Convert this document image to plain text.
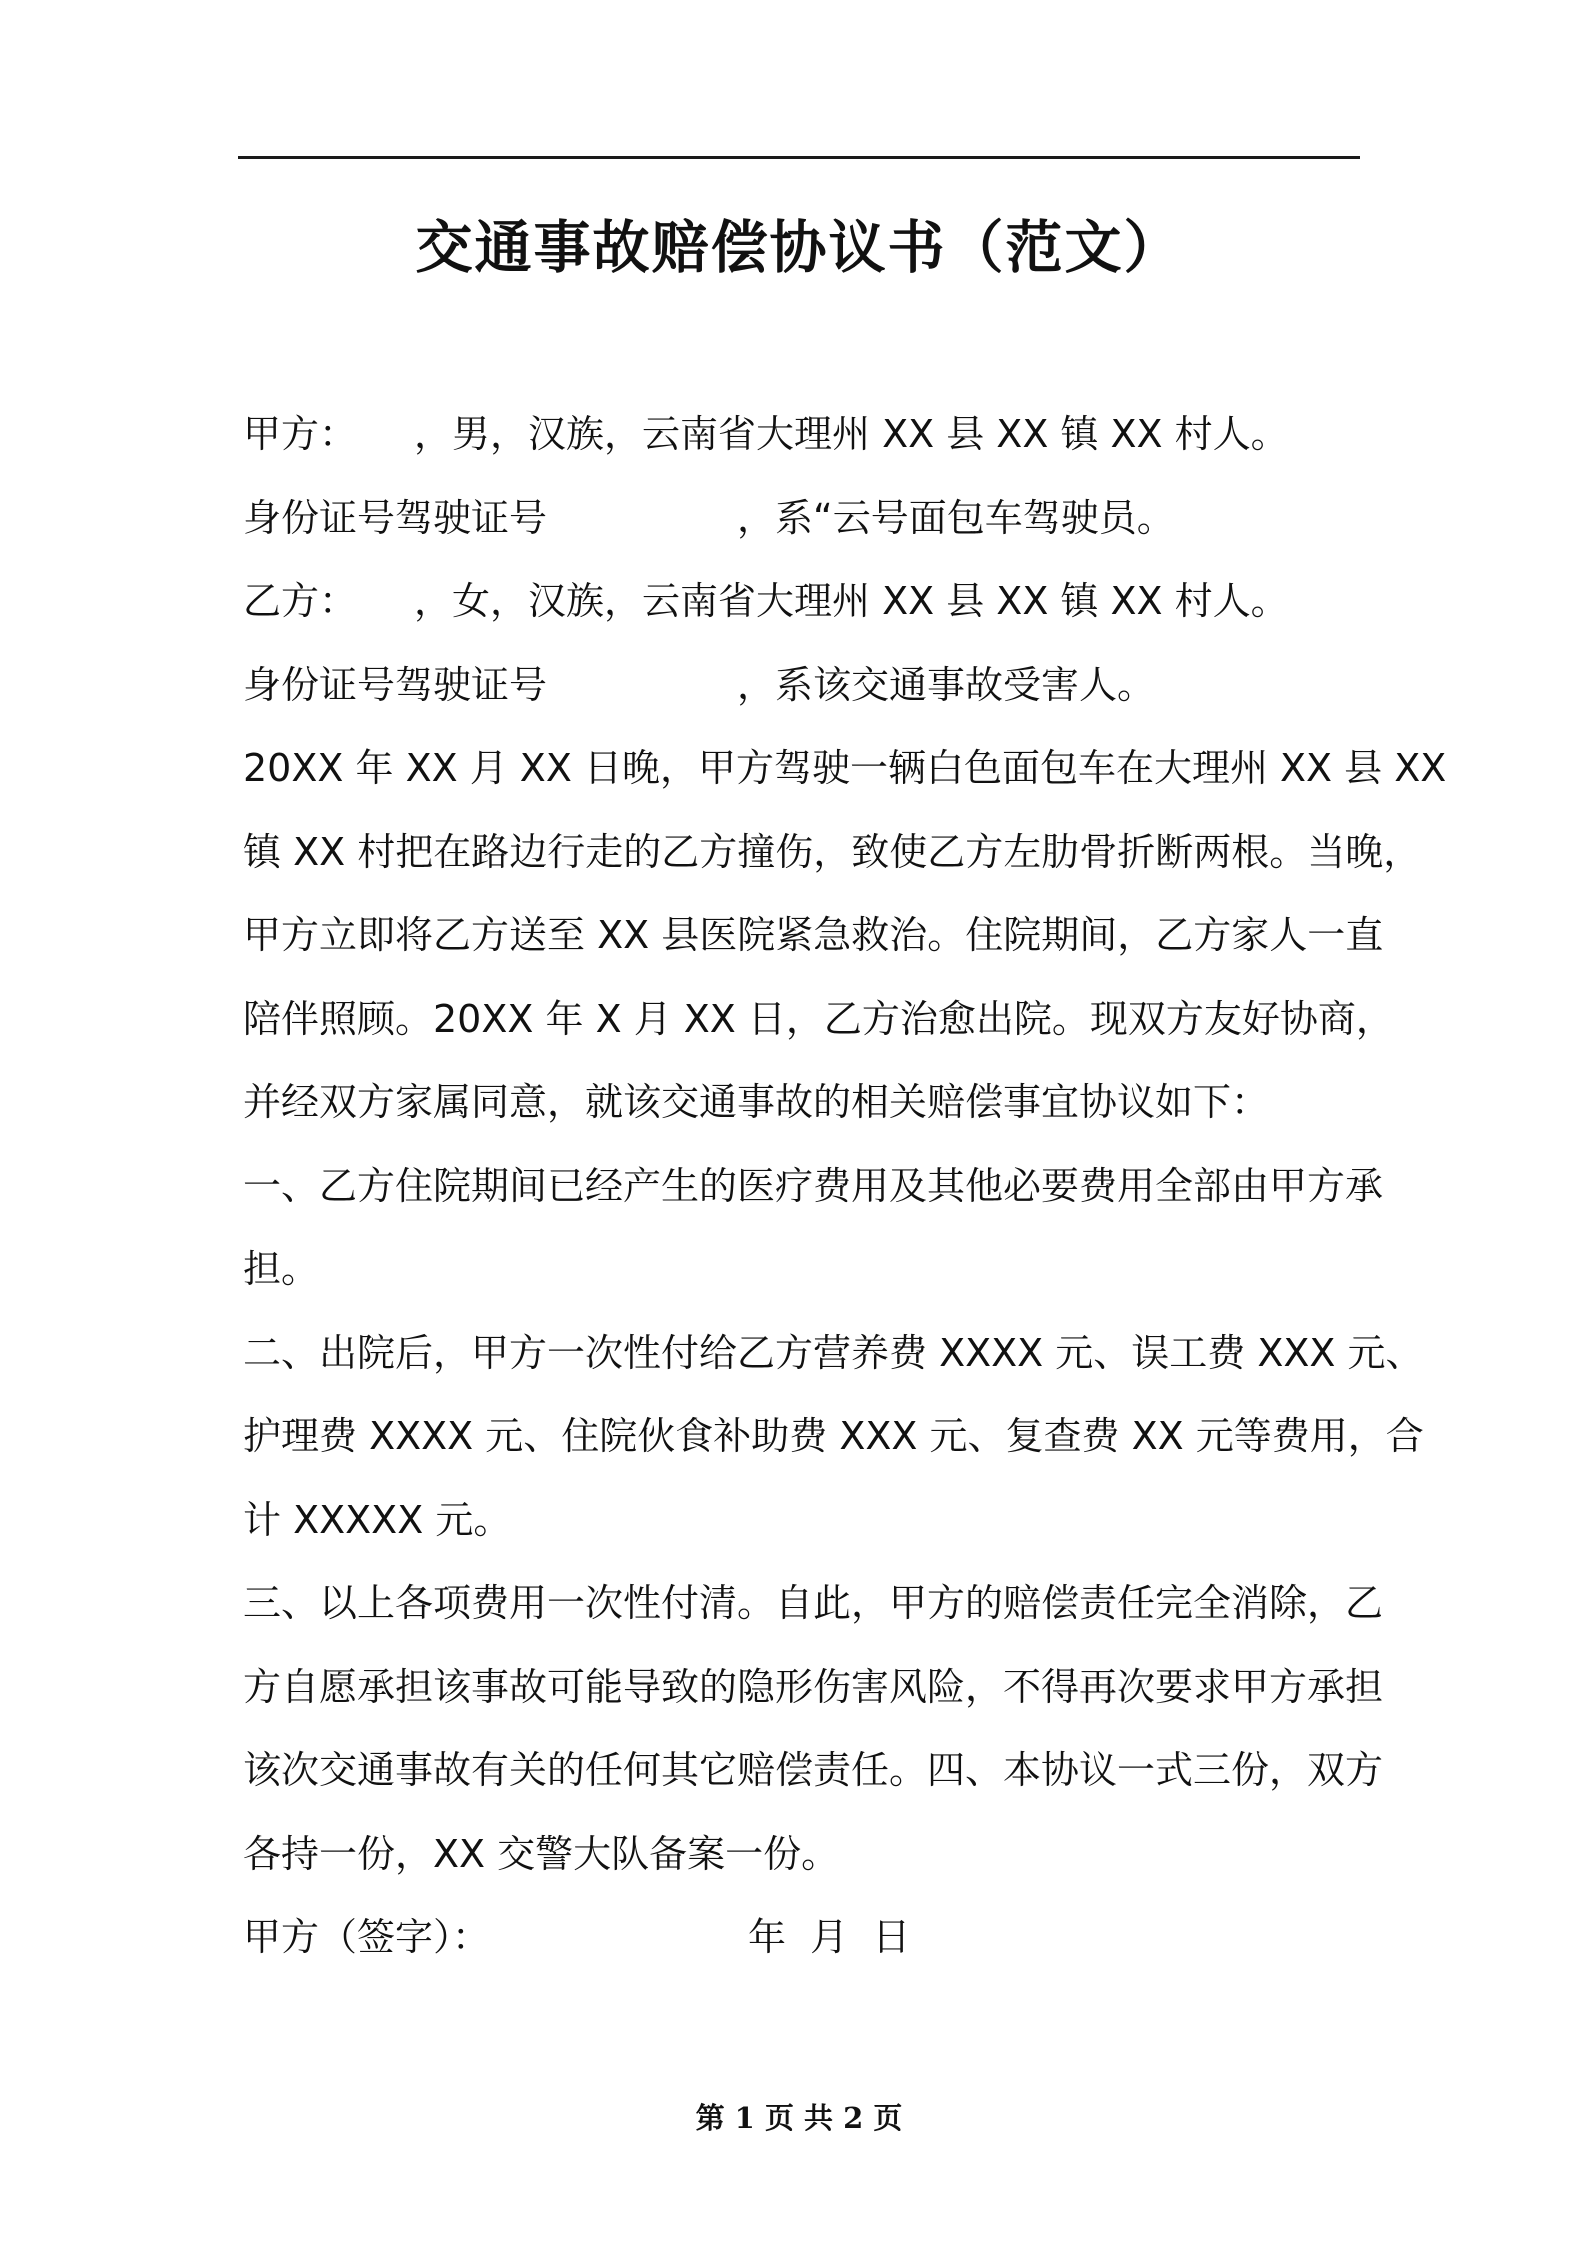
交通事故赔偿协议书（范文）
甲方：　　，男，汉族，云南省大理州 XX 县 XX 镇 XX 村人。
身份证号驾驶证号　　　　　，系“云号面包车驾驶员。
乙方：　　，女，汉族，云南省大理州 XX 县 XX 镇 XX 村人。
身份证号驾驶证号　　　　　，系该交通事故受害人。
20XX 年 XX 月 XX 日晚，甲方驾驶一辆白色面包车在大理州 XX 县 XX
镇 XX 村把在路边行走的乙方撞伤，致使乙方左肋骨折断两根。当晚，
甲方立即将乙方送至 XX 县医院紧急救治。住院期间，乙方家人一直
陪伴照顾。20XX 年 X 月 XX 日，乙方治愈出院。现双方友好协商，
并经双方家属同意，就该交通事故的相关赔偿事宜协议如下：
一、乙方住院期间已经产生的医疗费用及其他必要费用全部由甲方承
担。
二、出院后，甲方一次性付给乙方营养费 XXXX 元、误工费 XXX 元、
护理费 XXXX 元、住院伙食补助费 XXX 元、复查费 XX 元等费用，合
计 XXXXX 元。
三、以上各项费用一次性付清。自此，甲方的赔偿责任完全消除，乙
方自愿承担该事故可能导致的隐形伤害风险，不得再次要求甲方承担
该次交通事故有关的任何其它赔偿责任。四、本协议一式三份，双方
各持一份，XX 交警大队备案一份。
甲方（签字）：	年  月  日
第 1 页 共 2 页
